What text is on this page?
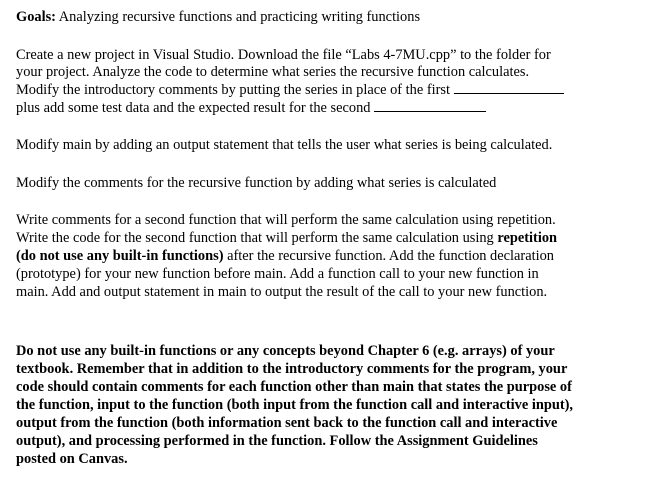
Goals: Analyzing recursive functions and practicing writing functions
Create a new project in Visual Studio. Download the file “Labs 4-7MU.cpp” to the folder for
your project. Analyze the code to determine what series the recursive function calculates.
Modify the introductory comments by putting the series in place of the first
plus add some test data and the expected result for the second
Modify main by adding an output statement that tells the user what series is being calculated.
Modify the comments for the recursive function by adding what series is calculated
Write comments for a second function that will perform the same calculation using repetition.
Write the code for the second function that will perform the same calculation using repetition
(do not use any built-in functions) after the recursive function. Add the function declaration
(prototype) for your new function before main. Add a function call to your new function in
main. Add and output statement in main to output the result of the call to your new function.
Do not use any built-in functions or any concepts beyond Chapter 6 (e.g. arrays) of your
textbook. Remember that in addition to the introductory comments for the program, your
code should contain comments for each function other than main that states the purpose of
the function, input to the function (both input from the function call and interactive input),
output from the function (both information sent back to the function call and interactive
output), and processing performed in the function. Follow the Assignment Guidelines
posted on Canvas.
